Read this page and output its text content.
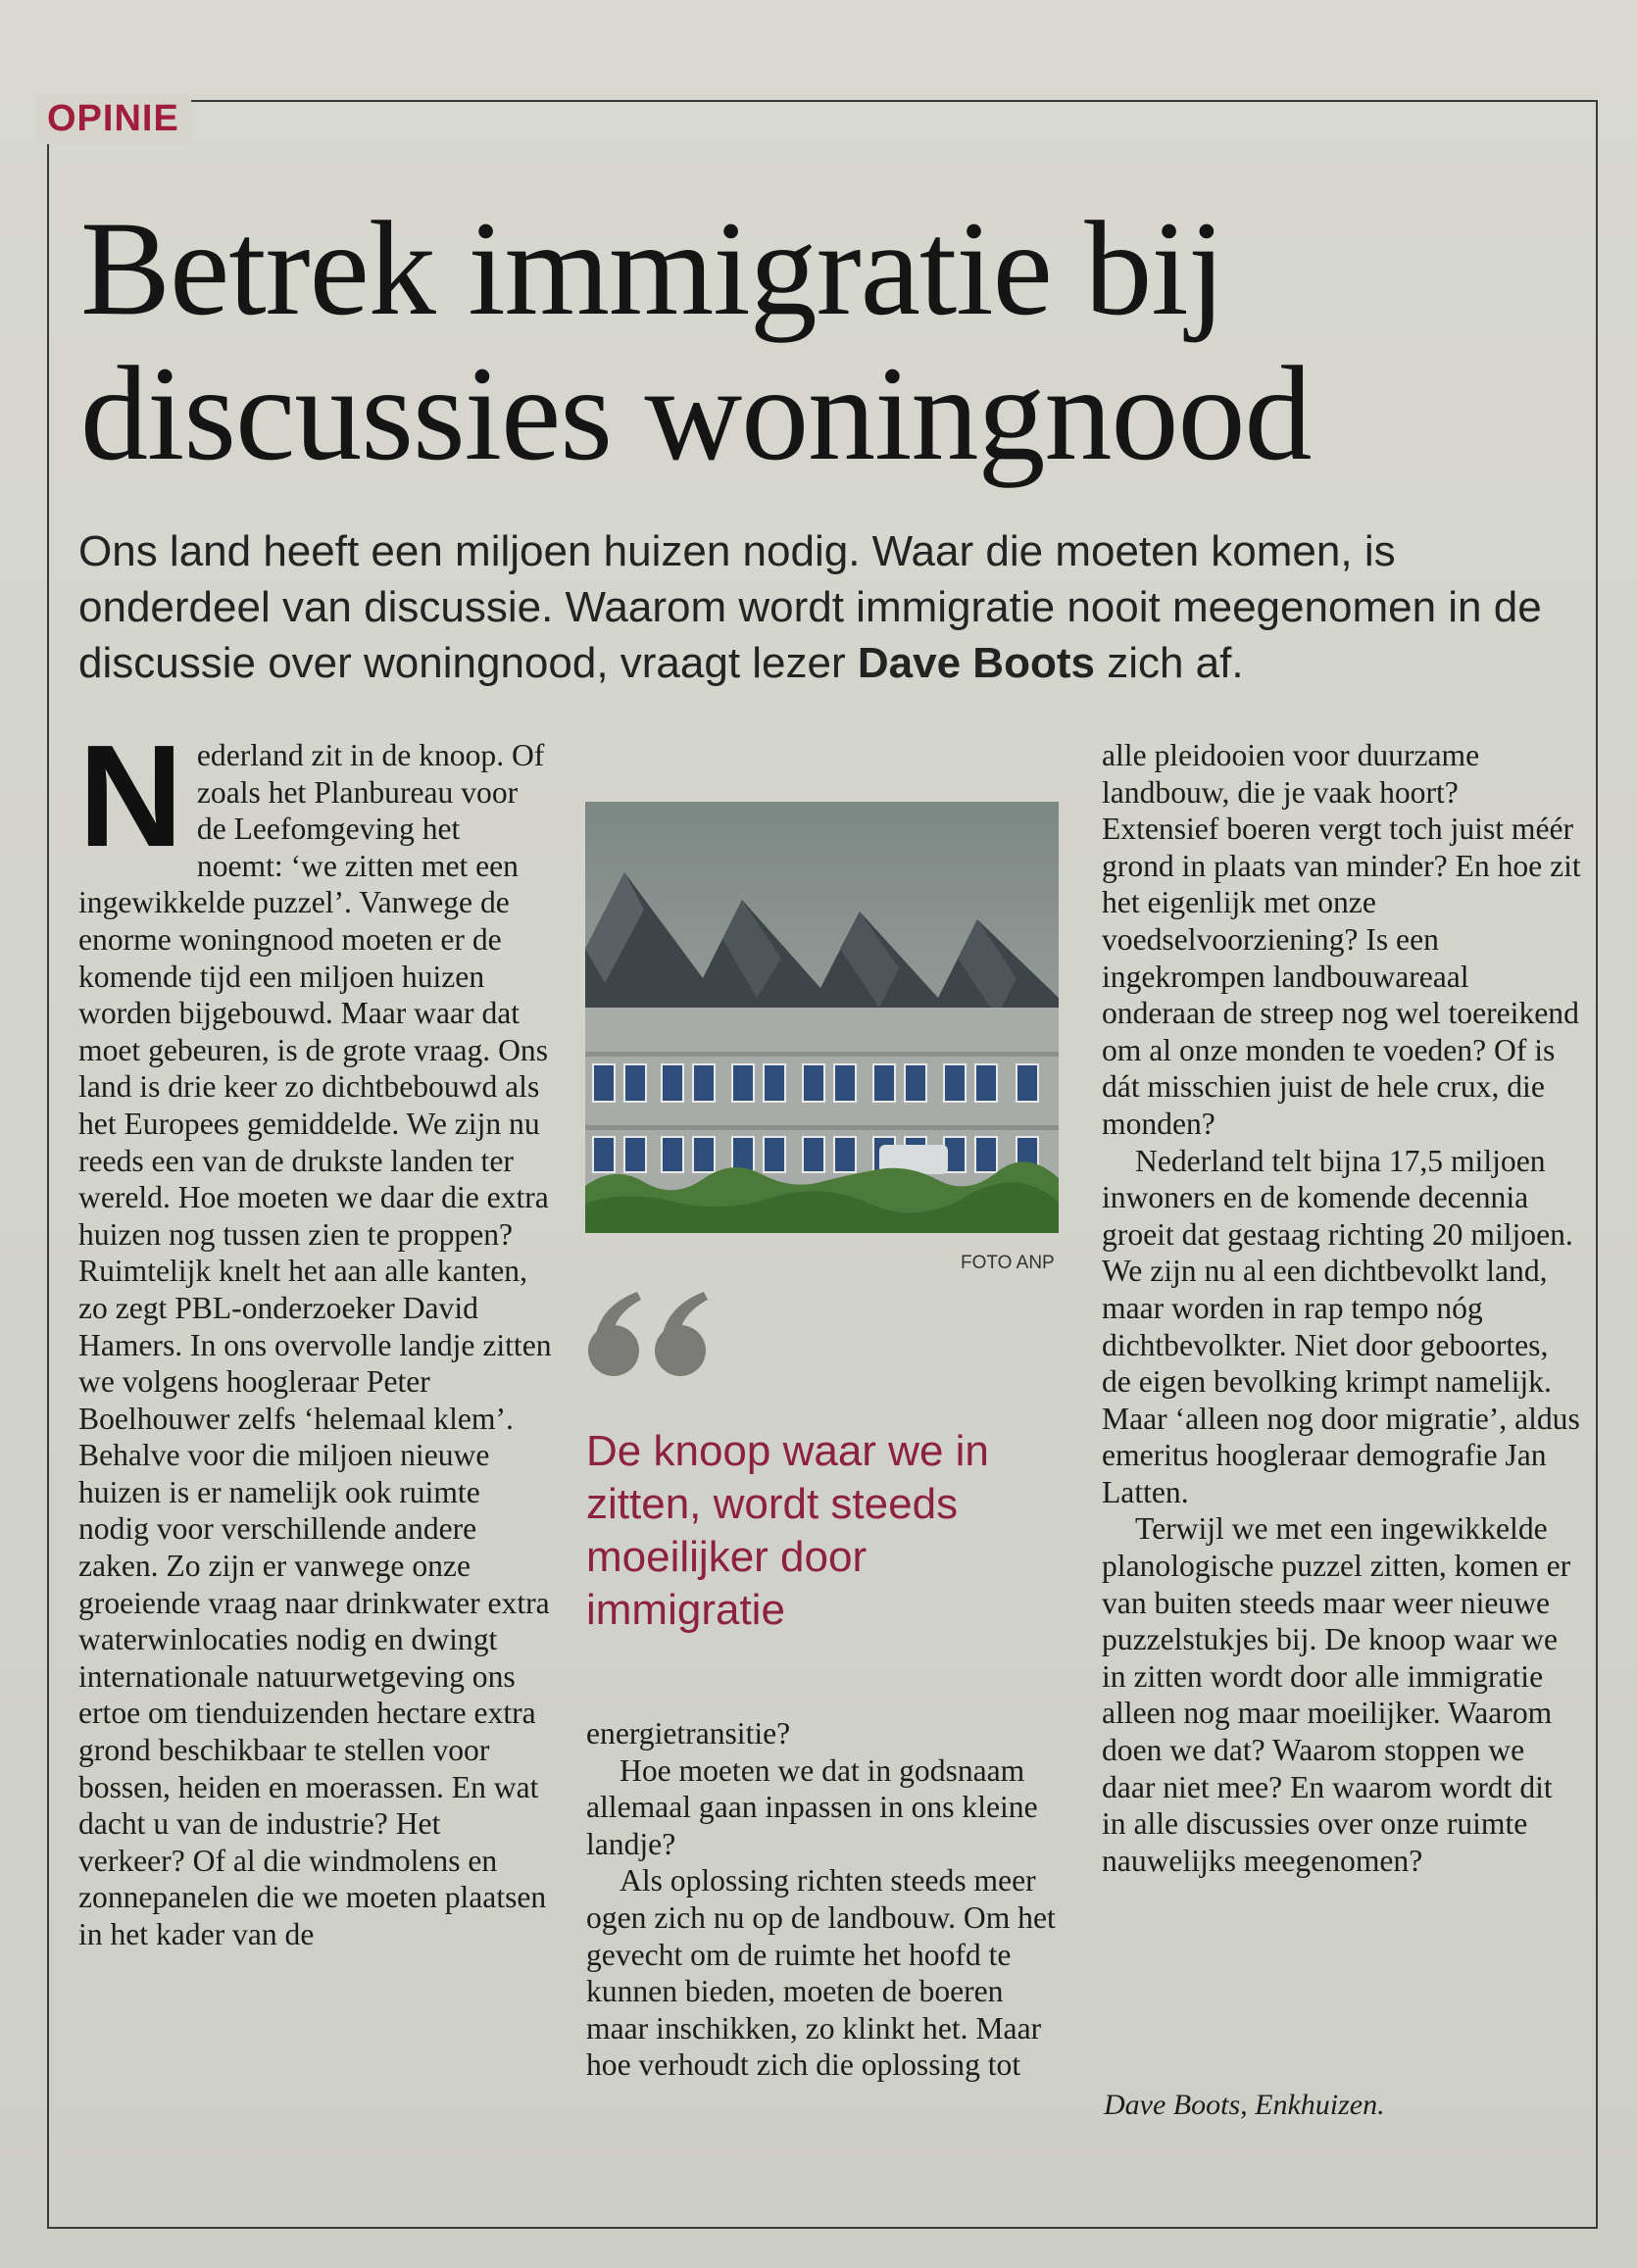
OPINIE
Betrek immigratie bij discussies woningnood
Ons land heeft een miljoen huizen nodig. Waar die moeten komen, is onderdeel van discussie. Waarom wordt immigratie nooit meegenomen in de discussie over woningnood, vraagt lezer Dave Boots zich af.
N ederland zit in de knoop. Of zoals het Planbureau voor de Leefomgeving het noemt: ‘we zitten met een ingewikkelde puzzel’. Vanwege de enorme woningnood moeten er de komende tijd een miljoen huizen worden bijgebouwd. Maar waar dat moet gebeuren, is de grote vraag. Ons land is drie keer zo dichtbebouwd als het Europees gemiddelde. We zijn nu reeds een van de drukste landen ter wereld. Hoe moeten we daar die extra huizen nog tussen zien te proppen? Ruimtelijk knelt het aan alle kanten, zo zegt PBL-onderzoeker David Hamers. In ons overvolle landje zitten we volgens hoogleraar Peter Boelhouwer zelfs ‘helemaal klem’. Behalve voor die miljoen nieuwe huizen is er namelijk ook ruimte nodig voor verschillende andere zaken. Zo zijn er vanwege onze groeiende vraag naar drinkwater extra waterwinlocaties nodig en dwingt internationale natuurwetgeving ons ertoe om tienduizenden hectare extra grond beschikbaar te stellen voor bossen, heiden en moerassen. En wat dacht u van de industrie? Het verkeer? Of al die windmolens en zonnepanelen die we moeten plaatsen in het kader van de

FOTO ANP
De knoop waar we in zitten, wordt steeds moeilijker door immigratie

energietransitie?

Hoe moeten we dat in godsnaam allemaal gaan inpassen in ons kleine landje?

Als oplossing richten steeds meer ogen zich nu op de landbouw. Om het gevecht om de ruimte het hoofd te kunnen bieden, moeten de boeren maar inschikken, zo klinkt het. Maar hoe verhoudt zich die oplossing tot

alle pleidooien voor duurzame landbouw, die je vaak hoort? Extensief boeren vergt toch juist méér grond in plaats van minder? En hoe zit het eigenlijk met onze voedselvoorziening? Is een ingekrompen landbouwareaal onderaan de streep nog wel toereikend om al onze monden te voeden? Of is dát misschien juist de hele crux, die monden?

Nederland telt bijna 17,5 miljoen inwoners en de komende decennia groeit dat gestaag richting 20 miljoen. We zijn nu al een dichtbevolkt land, maar worden in rap tempo nóg dichtbevolkter. Niet door geboortes, de eigen bevolking krimpt namelijk. Maar ‘alleen nog door migratie’, aldus emeritus hoogleraar demografie Jan Latten.

Terwijl we met een ingewikkelde planologische puzzel zitten, komen er van buiten steeds maar weer nieuwe puzzelstukjes bij. De knoop waar we in zitten wordt door alle immigratie alleen nog maar moeilijker. Waarom doen we dat? Waarom stoppen we daar niet mee? En waarom wordt dit in alle discussies over onze ruimte nauwelijks meegenomen?

Dave Boots, Enkhuizen.
